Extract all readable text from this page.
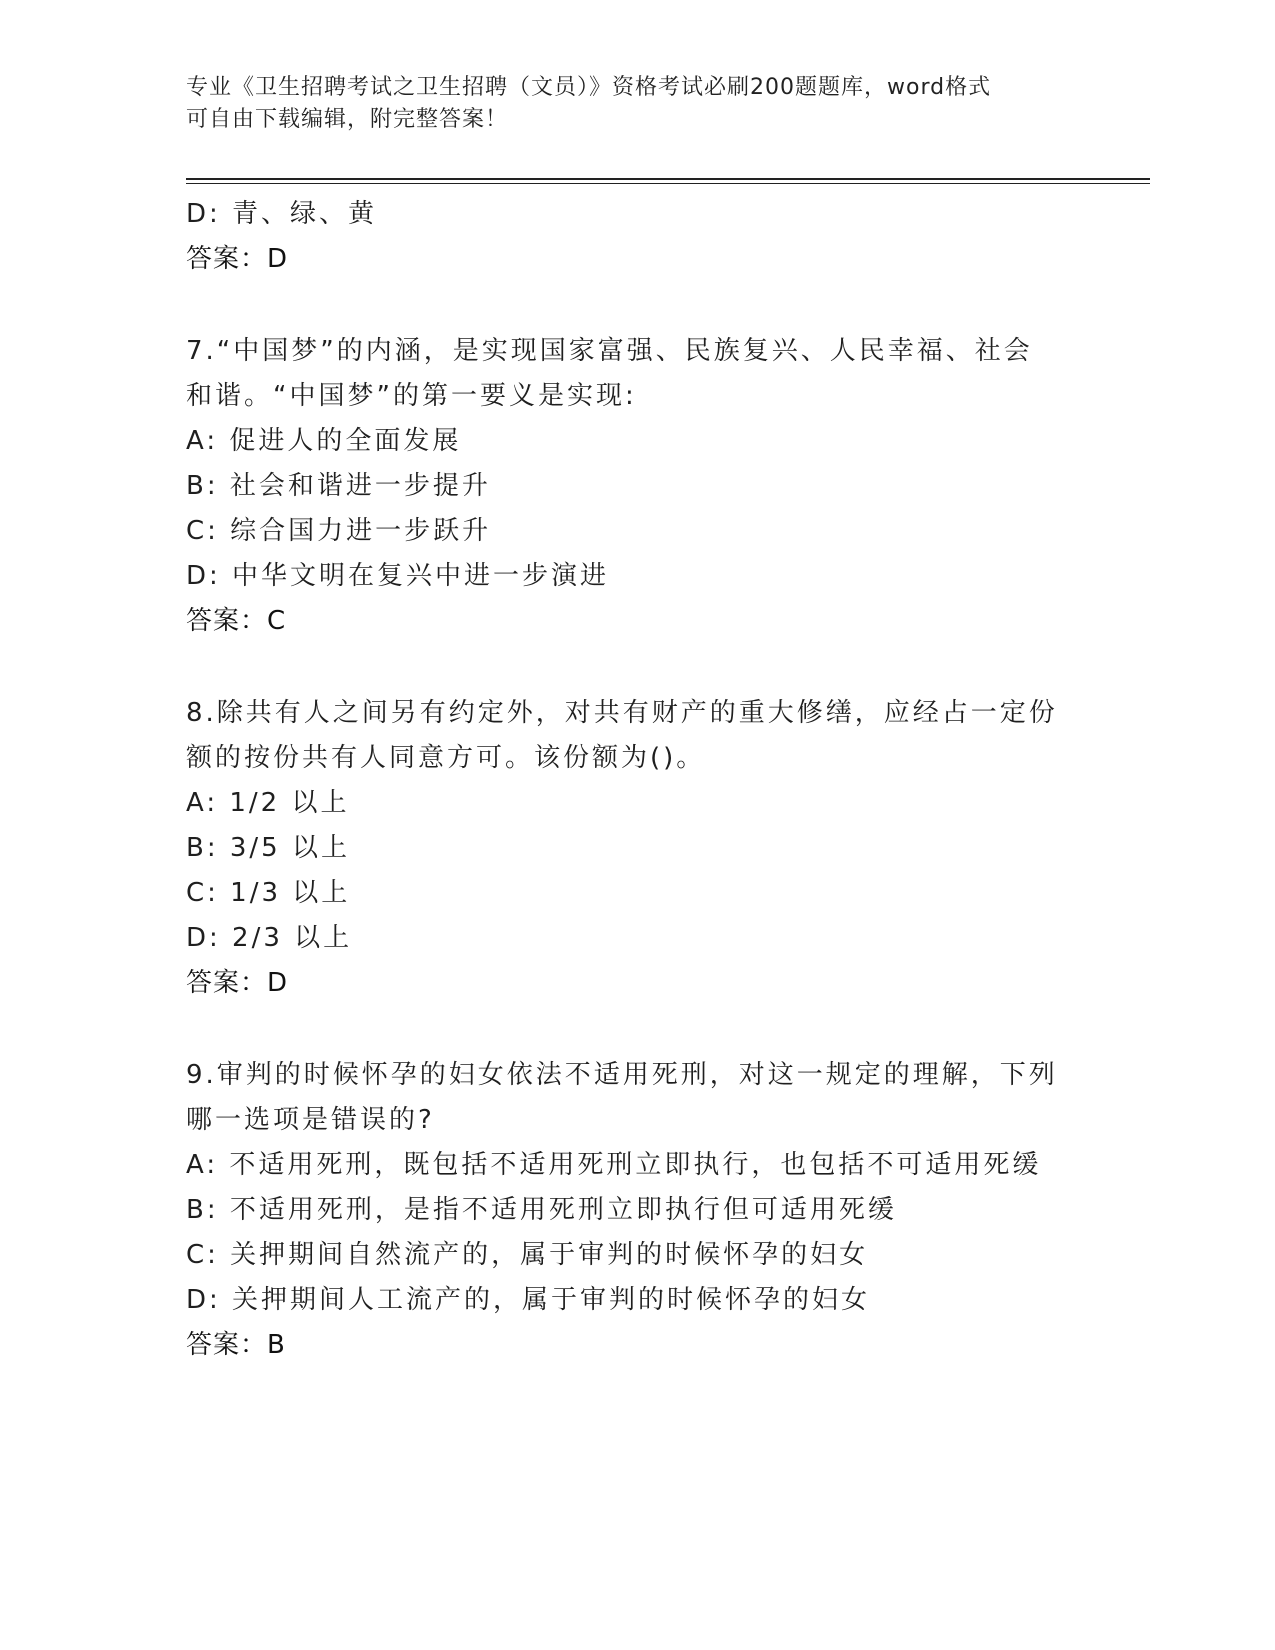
专业《卫生招聘考试之卫生招聘（文员）》资格考试必刷200题题库，word格式
可自由下载编辑，附完整答案！
D: 青、绿、黄
答案：D
7.“中国梦”的内涵，是实现国家富强、民族复兴、人民幸福、社会
和谐。“中国梦”的第一要义是实现:
A: 促进人的全面发展
B: 社会和谐进一步提升
C: 综合国力进一步跃升
D: 中华文明在复兴中进一步演进
答案：C
8.除共有人之间另有约定外，对共有财产的重大修缮，应经占一定份
额的按份共有人同意方可。该份额为()。
A: 1/2 以上
B: 3/5 以上
C: 1/3 以上
D: 2/3 以上
答案：D
9.审判的时候怀孕的妇女依法不适用死刑，对这一规定的理解，下列
哪一选项是错误的?
A: 不适用死刑，既包括不适用死刑立即执行，也包括不可适用死缓
B: 不适用死刑，是指不适用死刑立即执行但可适用死缓
C: 关押期间自然流产的，属于审判的时候怀孕的妇女
D: 关押期间人工流产的，属于审判的时候怀孕的妇女
答案：B
